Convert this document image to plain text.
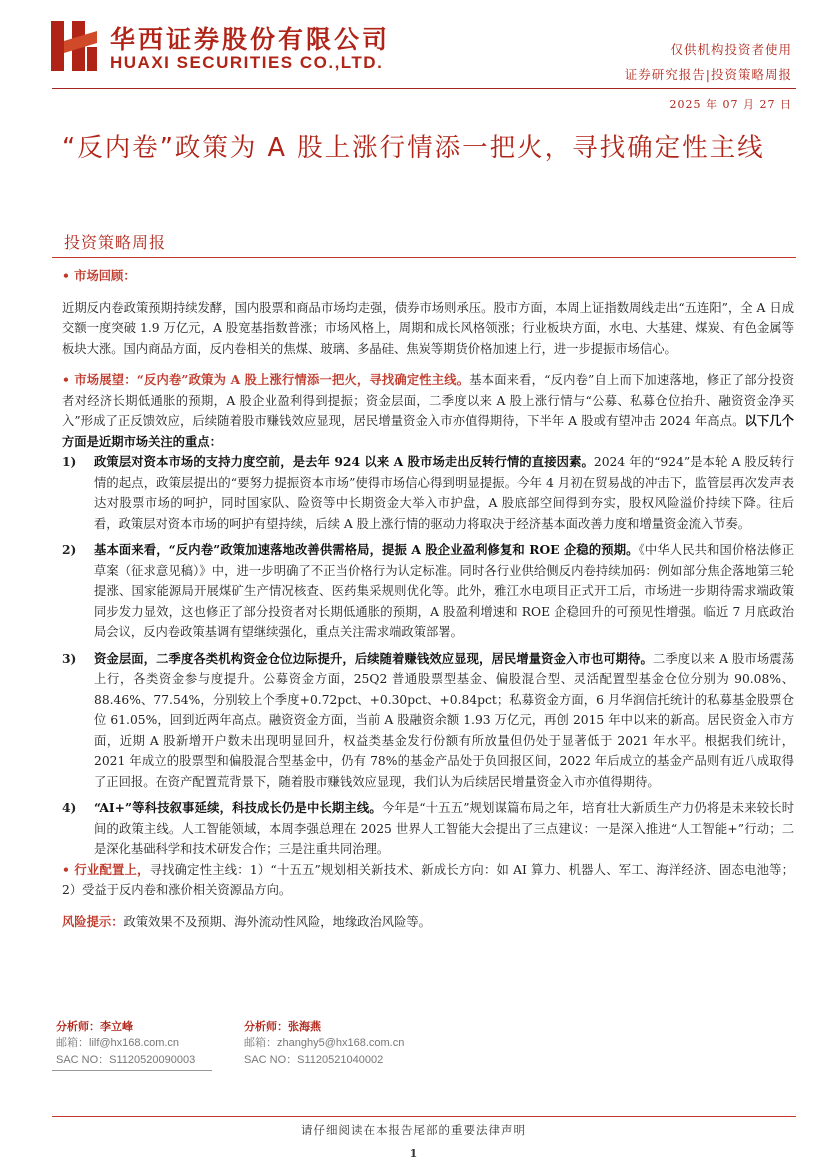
华西证券股份有限公司
HUAXI SECURITIES CO.,LTD.
仅供机构投资者使用
证券研究报告|投资策略周报
2025 年 07 月 27 日
“反内卷”政策为 A 股上涨行情添一把火，寻找确定性主线
投资策略周报

• 市场回顾：

近期反内卷政策预期持续发酵，国内股票和商品市场均走强，债券市场则承压。股市方面，本周上证指数周线走出“五连阳”，全 A 日成交额一度突破 1.9 万亿元，A 股宽基指数普涨；市场风格上，周期和成长风格领涨；行业板块方面，水电、大基建、煤炭、有色金属等板块大涨。国内商品方面，反内卷相关的焦煤、玻璃、多晶硅、焦炭等期货价格加速上行，进一步提振市场信心。

• 市场展望：“反内卷”政策为 A 股上涨行情添一把火，寻找确定性主线。基本面来看，“反内卷”自上而下加速落地，修正了部分投资者对经济长期低通胀的预期，A 股企业盈利得到提振；资金层面，二季度以来 A 股上涨行情与“公募、私募仓位抬升、融资资金净买入”形成了正反馈效应，后续随着股市赚钱效应显现，居民增量资金入市亦值得期待，下半年 A 股或有望冲击 2024 年高点。以下几个方面是近期市场关注的重点：

1)	政策层对资本市场的支持力度空前，是去年 924 以来 A 股市场走出反转行情的直接因素。2024 年的“924”是本轮 A 股反转行情的起点，政策层提出的“要努力提振资本市场”使得市场信心得到明显提振。今年 4 月初在贸易战的冲击下，监管层再次发声表达对股票市场的呵护，同时国家队、险资等中长期资金大举入市护盘，A 股底部空间得到夯实，股权风险溢价持续下降。往后看，政策层对资本市场的呵护有望持续，后续 A 股上涨行情的驱动力将取决于经济基本面改善力度和增量资金流入节奏。

2)	基本面来看，“反内卷”政策加速落地改善供需格局，提振 A 股企业盈利修复和 ROE 企稳的预期。《中华人民共和国价格法修正草案（征求意见稿）》中，进一步明确了不正当价格行为认定标准。同时各行业供给侧反内卷持续加码：例如部分焦企落地第三轮提涨、国家能源局开展煤矿生产情况核查、医药集采规则优化等。此外，雅江水电项目正式开工后，市场进一步期待需求端政策同步发力显效，这也修正了部分投资者对长期低通胀的预期，A 股盈利增速和 ROE 企稳回升的可预见性增强。临近 7 月底政治局会议，反内卷政策基调有望继续强化，重点关注需求端政策部署。

3)	资金层面，二季度各类机构资金仓位边际提升，后续随着赚钱效应显现，居民增量资金入市也可期待。二季度以来 A 股市场震荡上行，各类资金参与度提升。公募资金方面，25Q2 普通股票型基金、偏股混合型、灵活配置型基金仓位分别为 90.08%、88.46%、77.54%，分别较上个季度+0.72pct、+0.30pct、+0.84pct；私募资金方面，6 月华润信托统计的私募基金股票仓位 61.05%，回到近两年高点。融资资金方面，当前 A 股融资余额 1.93 万亿元，再创 2015 年中以来的新高。居民资金入市方面，近期 A 股新增开户数未出现明显回升，权益类基金发行份额有所放量但仍处于显著低于 2021 年水平。根据我们统计，2021 年成立的股票型和偏股混合型基金中，仍有 78%的基金产品处于负回报区间，2022 年后成立的基金产品则有近八成取得了正回报。在资产配置荒背景下，随着股市赚钱效应显现，我们认为后续居民增量资金入市亦值得期待。

4)	“AI+”等科技叙事延续，科技成长仍是中长期主线。今年是“十五五”规划谋篇布局之年，培育壮大新质生产力仍将是未来较长时间的政策主线。人工智能领域，本周李强总理在 2025 世界人工智能大会提出了三点建议：一是深入推进“人工智能+”行动；二是深化基础科学和技术研发合作；三是注重共同治理。

• 行业配置上，寻找确定性主线：1）“十五五”规划相关新技术、新成长方向：如 AI 算力、机器人、军工、海洋经济、固态电池等；2）受益于反内卷和涨价相关资源品方向。

风险提示：政策效果不及预期、海外流动性风险，地缘政治风险等。

分析师：李立峰
邮箱：lilf@hx168.com.cn
SAC NO：S1120520090003
分析师：张海燕
邮箱：zhanghy5@hx168.com.cn
SAC NO：S1120521040002
请仔细阅读在本报告尾部的重要法律声明
1
